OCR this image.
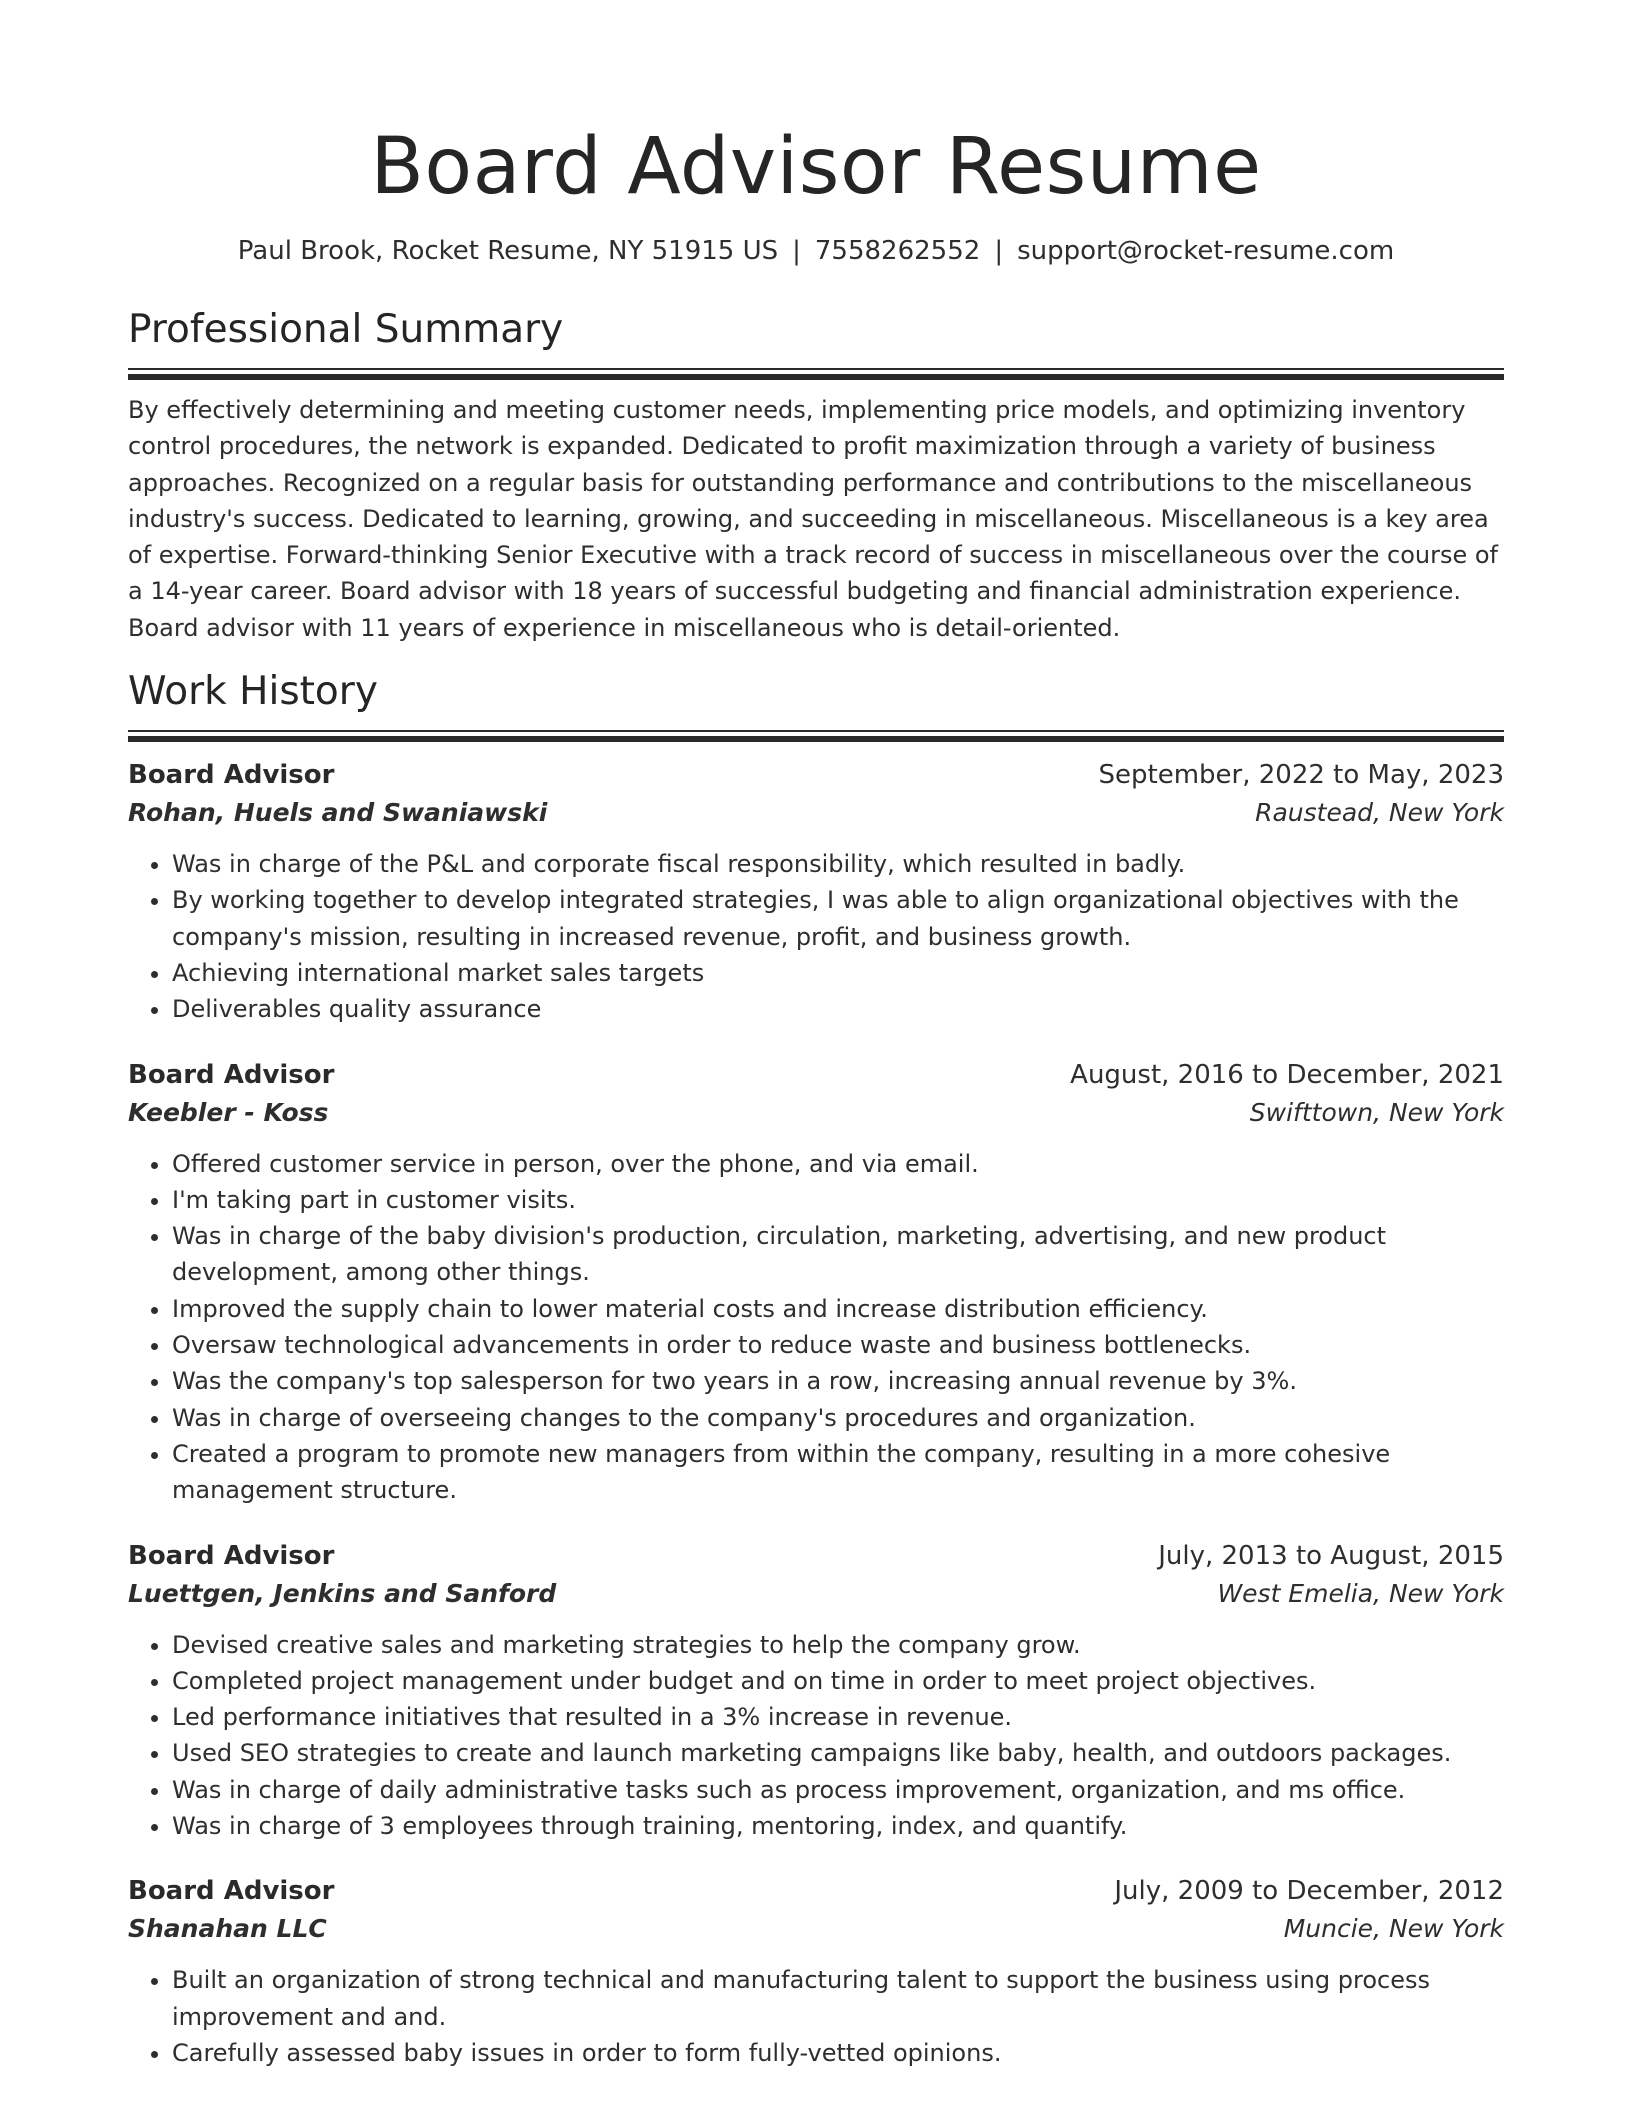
Board Advisor Resume
Paul Brook, Rocket Resume, NY 51915 US | 7558262552 | support@rocket-resume.com
Professional Summary

By effectively determining and meeting customer needs, implementing price models, and optimizing inventory control procedures, the network is expanded. Dedicated to profit maximization through a variety of business approaches. Recognized on a regular basis for outstanding performance and contributions to the miscellaneous industry's success. Dedicated to learning, growing, and succeeding in miscellaneous. Miscellaneous is a key area of expertise. Forward-thinking Senior Executive with a track record of success in miscellaneous over the course of a 14-year career. Board advisor with 18 years of successful budgeting and financial administration experience. Board advisor with 11 years of experience in miscellaneous who is detail-oriented.

Work History
Board Advisor	September, 2022 to May, 2023
Rohan, Huels and Swaniawski	Raustead, New York
• Was in charge of the P&L and corporate fiscal responsibility, which resulted in badly.
• By working together to develop integrated strategies, I was able to align organizational objectives with the company's mission, resulting in increased revenue, profit, and business growth.
• Achieving international market sales targets
• Deliverables quality assurance
Board Advisor	August, 2016 to December, 2021
Keebler - Koss	Swifttown, New York
• Offered customer service in person, over the phone, and via email.
• I'm taking part in customer visits.
• Was in charge of the baby division's production, circulation, marketing, advertising, and new product development, among other things.
• Improved the supply chain to lower material costs and increase distribution efficiency.
• Oversaw technological advancements in order to reduce waste and business bottlenecks.
• Was the company's top salesperson for two years in a row, increasing annual revenue by 3%.
• Was in charge of overseeing changes to the company's procedures and organization.
• Created a program to promote new managers from within the company, resulting in a more cohesive management structure.
Board Advisor	July, 2013 to August, 2015
Luettgen, Jenkins and Sanford	West Emelia, New York
• Devised creative sales and marketing strategies to help the company grow.
• Completed project management under budget and on time in order to meet project objectives.
• Led performance initiatives that resulted in a 3% increase in revenue.
• Used SEO strategies to create and launch marketing campaigns like baby, health, and outdoors packages.
• Was in charge of daily administrative tasks such as process improvement, organization, and ms office.
• Was in charge of 3 employees through training, mentoring, index, and quantify.
Board Advisor	July, 2009 to December, 2012
Shanahan LLC	Muncie, New York
• Built an organization of strong technical and manufacturing talent to support the business using process improvement and and.
• Carefully assessed baby issues in order to form fully-vetted opinions.
